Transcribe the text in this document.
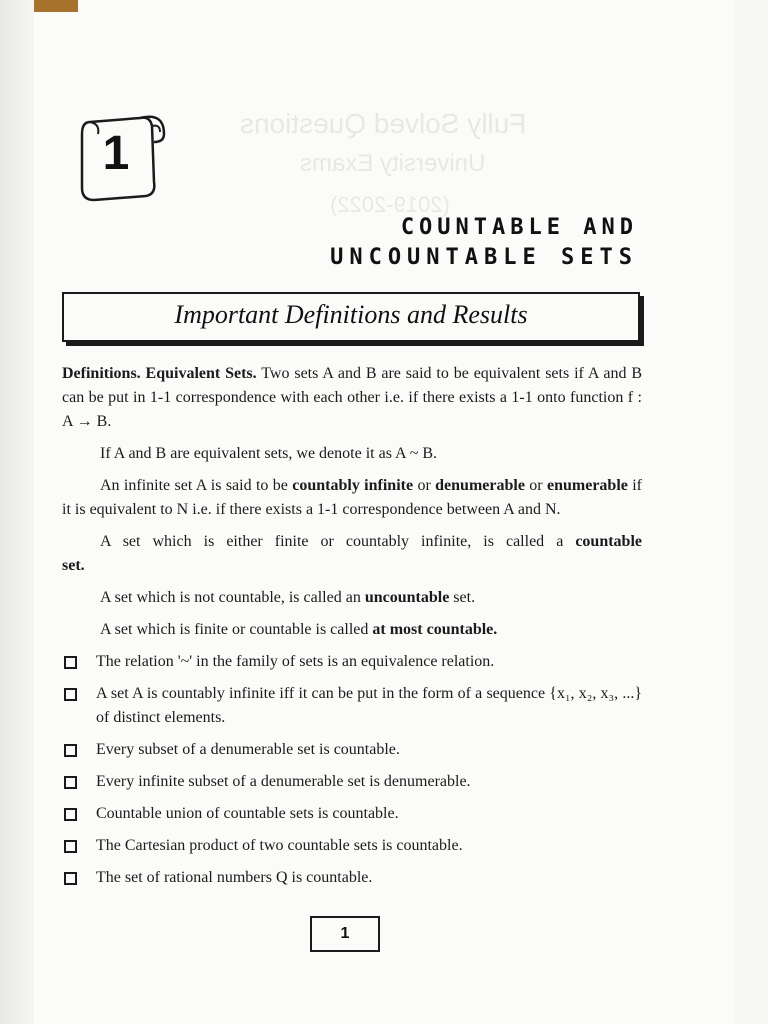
Fully Solved Questions
University Exams
(2019-2022)
1
COUNTABLE AND
UNCOUNTABLE SETS
Important Definitions and Results

Definitions. Equivalent Sets. Two sets A and B are said to be equivalent sets if A and B can be put in 1-1 correspondence with each other i.e. if there exists a 1-1 onto function f : A → B.

If A and B are equivalent sets, we denote it as A ~ B.

An infinite set A is said to be countably infinite or denumerable or enumerable if it is equivalent to N i.e. if there exists a 1-1 correspondence between A and N.

A set which is either finite or countably infinite, is called a countable set.

A set which is not countable, is called an uncountable set.

A set which is finite or countable is called at most countable.

The relation '~' in the family of sets is an equivalence relation.
A set A is countably infinite iff it can be put in the form of a sequence {x₁, x₂, x₃, ...} of distinct elements.
Every subset of a denumerable set is countable.
Every infinite subset of a denumerable set is denumerable.
Countable union of countable sets is countable.
The Cartesian product of two countable sets is countable.
The set of rational numbers Q is countable.
1
